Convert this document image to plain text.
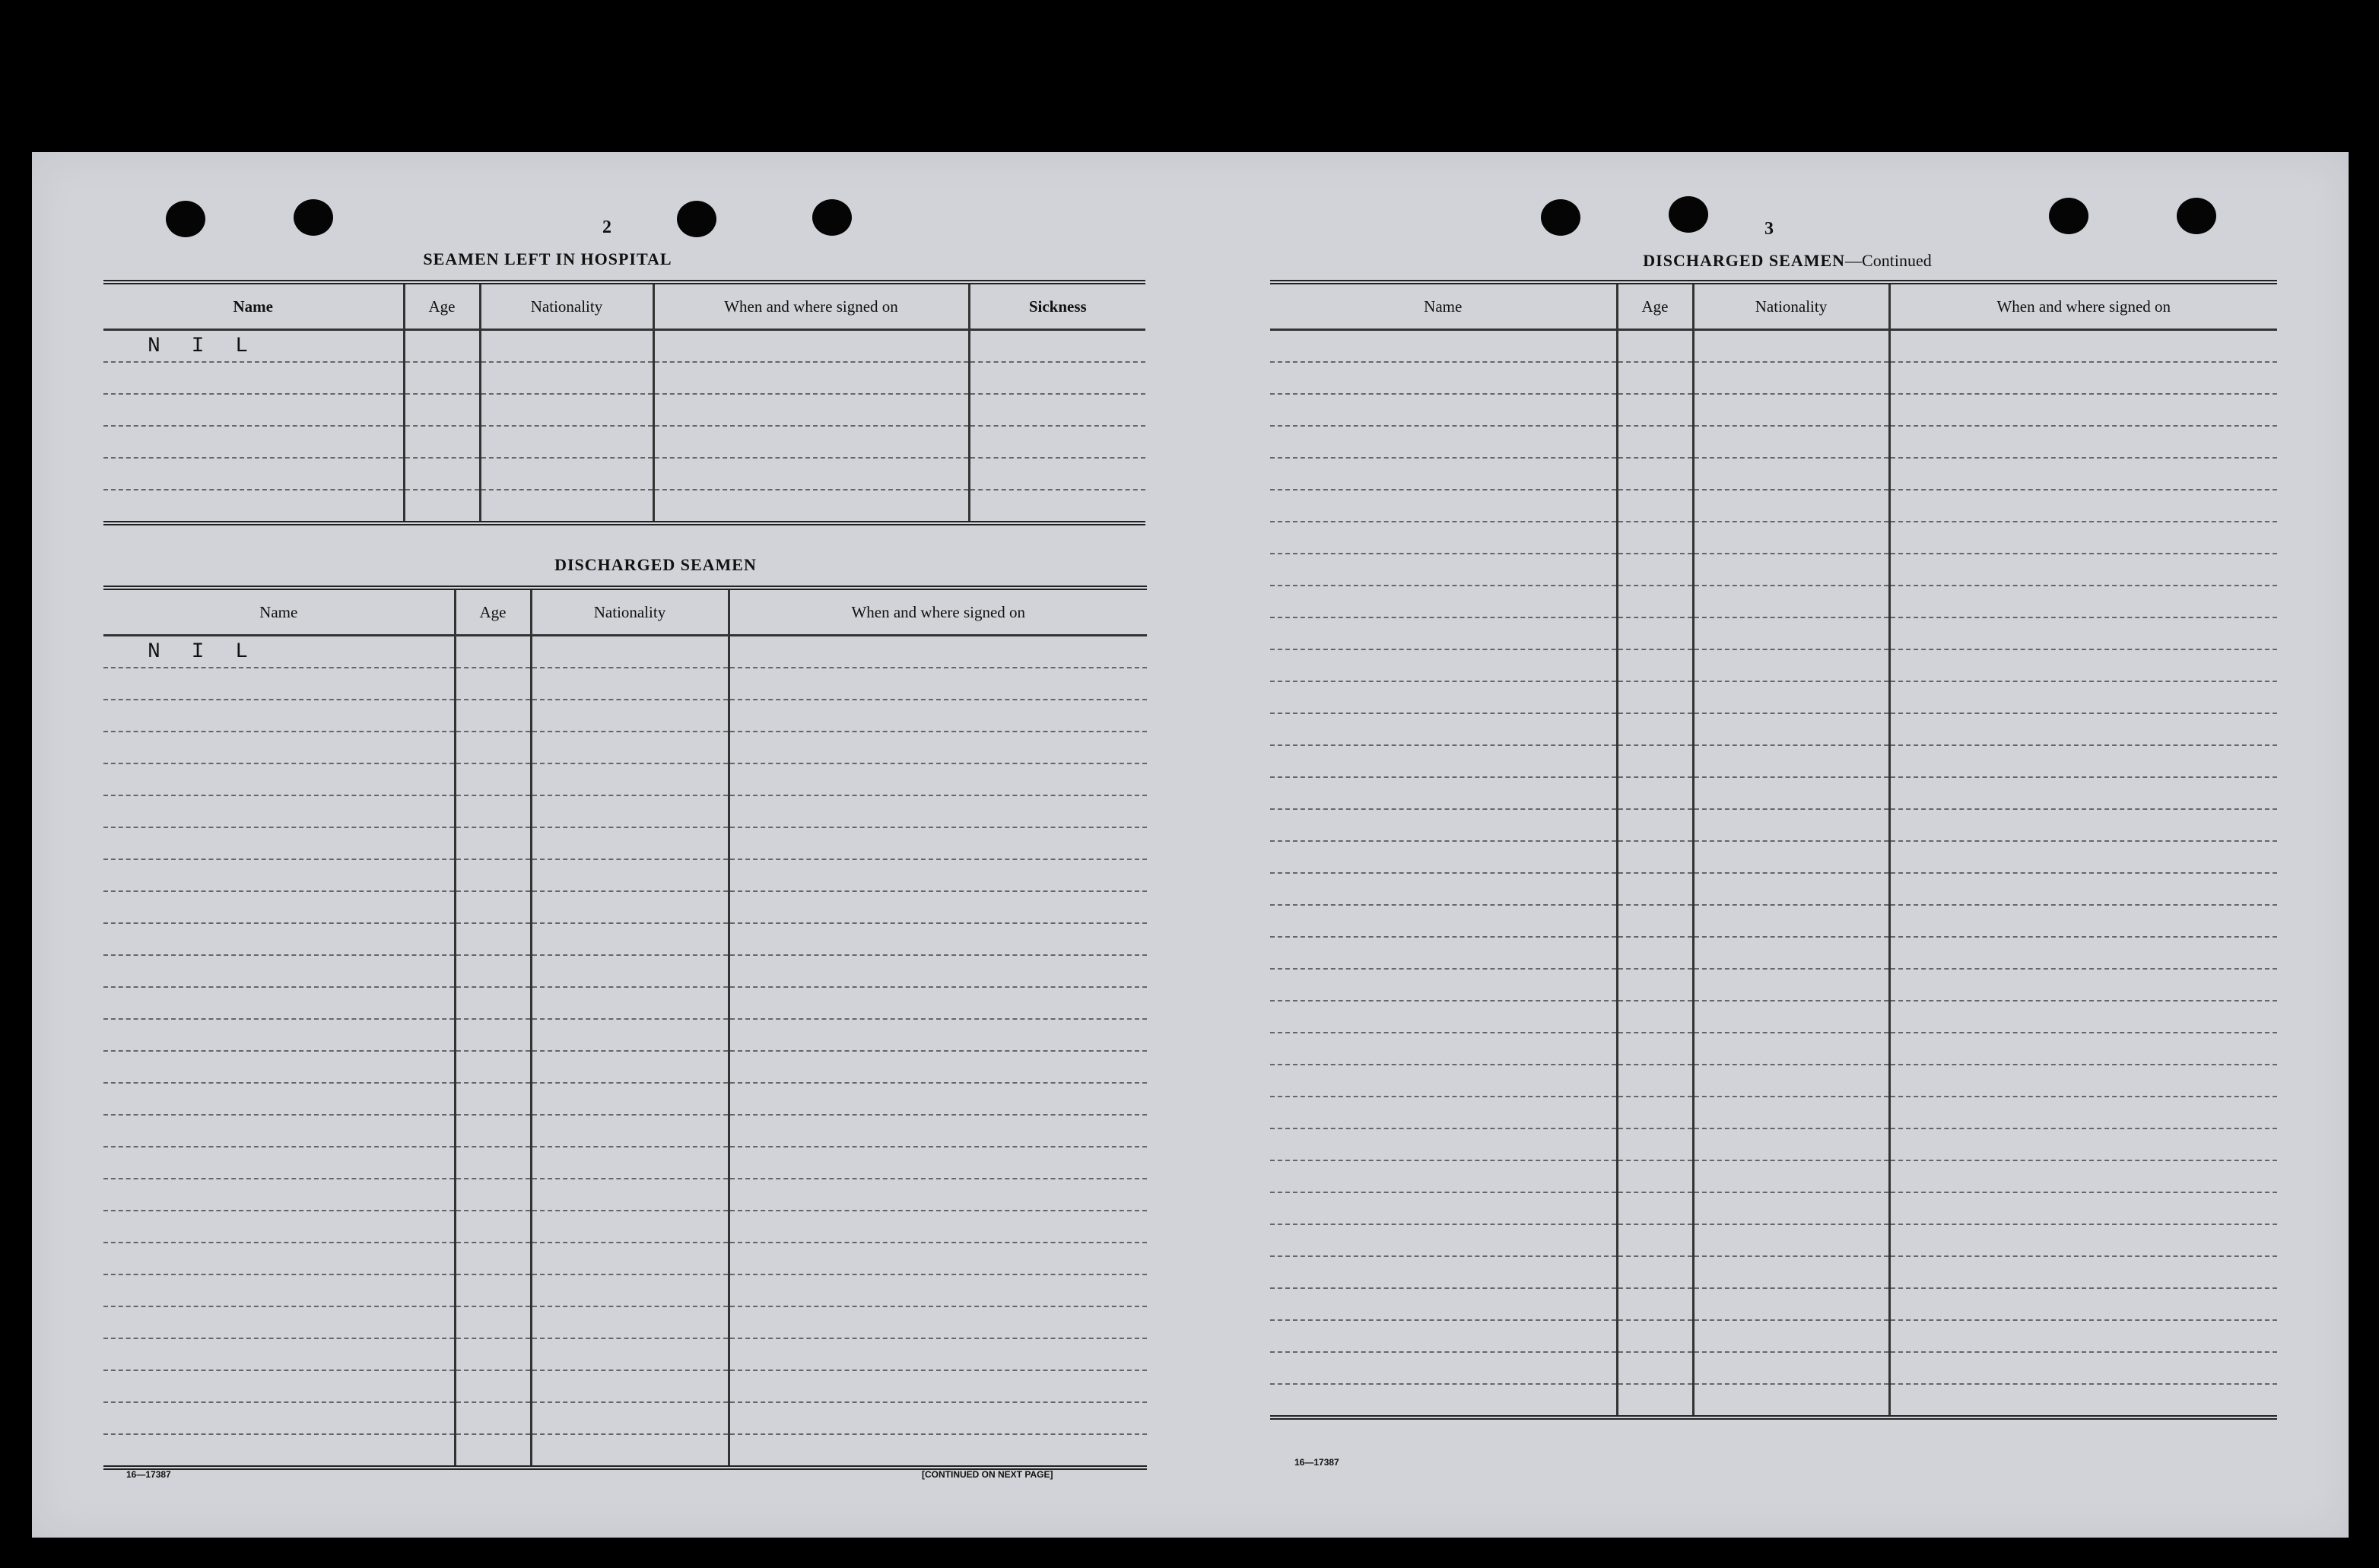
2
SEAMEN LEFT IN HOSPITAL
Name	Age	Nationality	When and where signed on	Sickness
N I L				

DISCHARGED SEAMEN
Name	Age	Nationality	When and where signed on
N I L			

16—17387	[CONTINUED ON NEXT PAGE]
3
DISCHARGED SEAMEN—Continued
Name	Age	Nationality	When and where signed on

16—17387
